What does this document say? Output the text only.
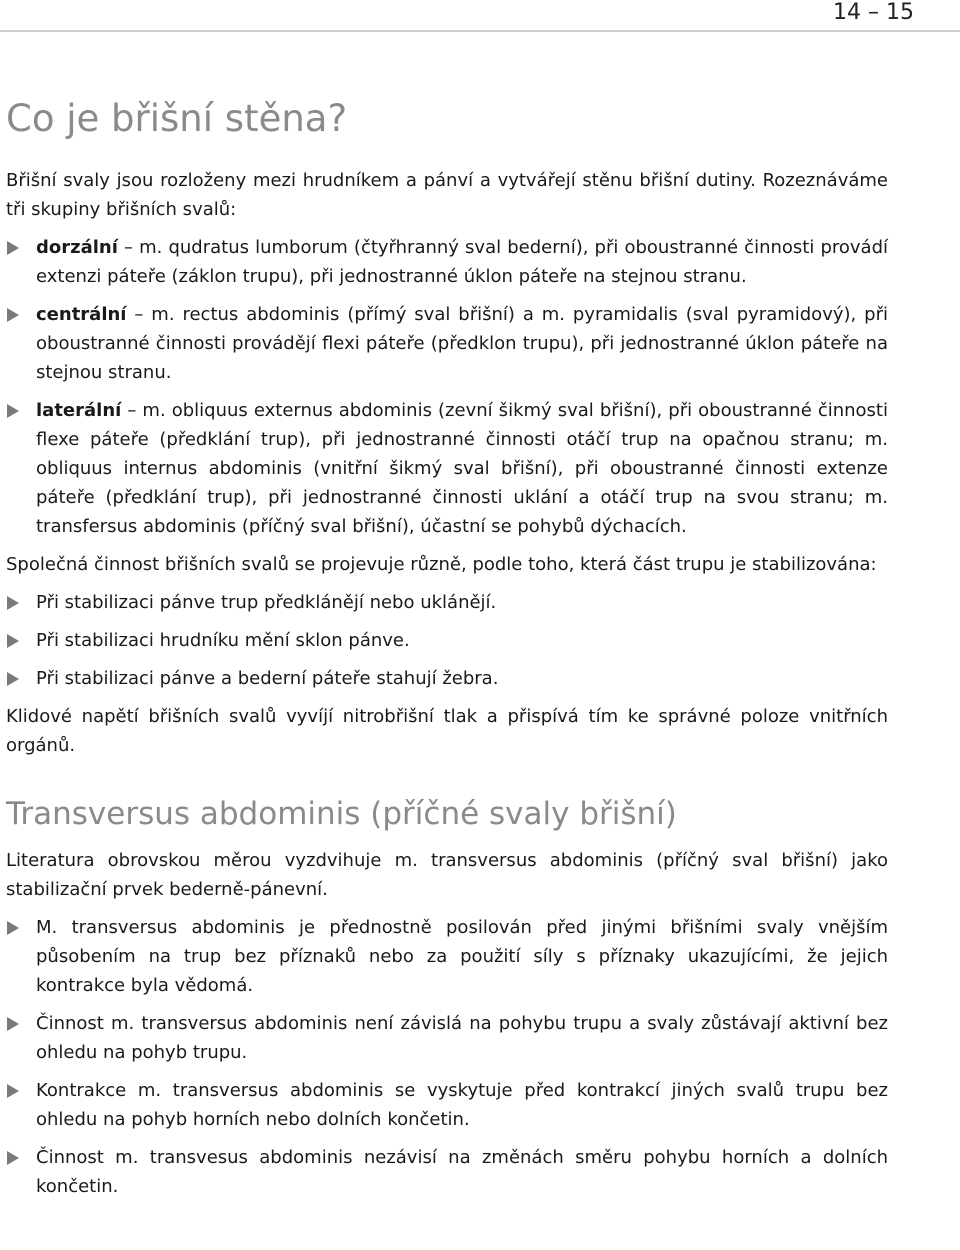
14 – 15
Co je břišní stěna?

Břišní svaly jsou rozloženy mezi hrudníkem a pánví a vytvářejí stěnu břišní dutiny. Rozeznáváme tři skupiny břišních svalů:

dorzální – m. qudratus lumborum (čtyřhranný sval bederní), při oboustranné činnosti provádí extenzi páteře (záklon trupu), při jednostranné úklon páteře na stejnou stranu.
centrální – m. rectus abdominis (přímý sval břišní) a m. pyramidalis (sval pyramidový), při oboustranné činnosti provádějí flexi páteře (předklon trupu), při jednostranné úklon páteře na stejnou stranu.
laterální – m. obliquus externus abdominis (zevní šikmý sval břišní), při oboustranné činnosti flexe páteře (předklání trup), při jednostranné činnosti otáčí trup na opačnou stranu; m. obliquus internus abdominis (vnitřní šikmý sval břišní), při oboustranné činnosti extenze páteře (předklání trup), při jednostranné činnosti uklání a otáčí trup na svou stranu; m. transfersus abdominis (příčný sval břišní), účastní se pohybů dýchacích.

Společná činnost břišních svalů se projevuje různě, podle toho, která část trupu je stabilizována:

Při stabilizaci pánve trup předklánějí nebo uklánějí.
Při stabilizaci hrudníku mění sklon pánve.
Při stabilizaci pánve a bederní páteře stahují žebra.

Klidové napětí břišních svalů vyvíjí nitrobřišní tlak a přispívá tím ke správné poloze vnitřních orgánů.

Transversus abdominis (příčné svaly břišní)

Literatura obrovskou měrou vyzdvihuje m. transversus abdominis (příčný sval břišní) jako stabilizační prvek bederně-pánevní.

M. transversus abdominis je přednostně posilován před jinými břišními svaly vnějším působením na trup bez příznaků nebo za použití síly s příznaky ukazujícími, že jejich kontrakce byla vědomá.
Činnost m. transversus abdominis není závislá na pohybu trupu a svaly zůstávají aktivní bez ohledu na pohyb trupu.
Kontrakce m. transversus abdominis se vyskytuje před kontrakcí jiných svalů trupu bez ohledu na pohyb horních nebo dolních končetin.
Činnost m. transvesus abdominis nezávisí na změnách směru pohybu horních a dolních končetin.
